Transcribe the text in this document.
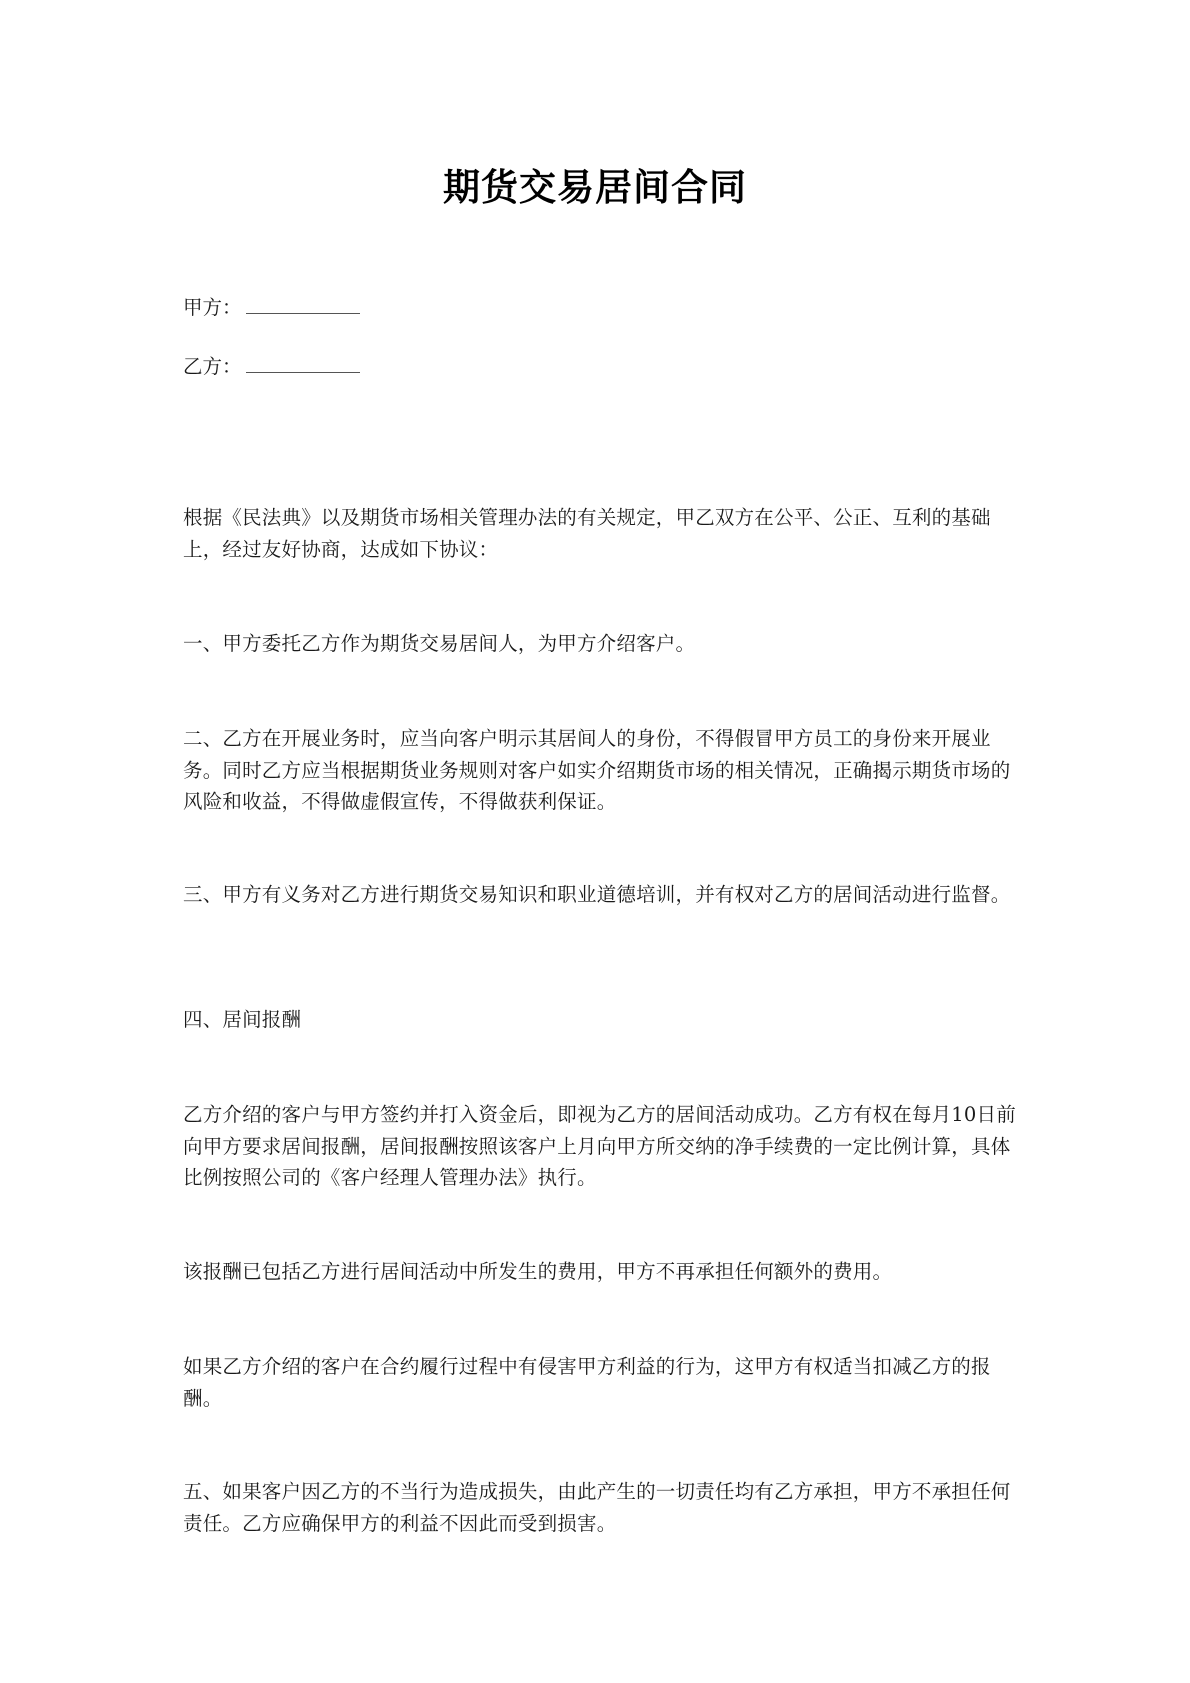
期货交易居间合同
甲方：
乙方：
根据《民法典》以及期货市场相关管理办法的有关规定，甲乙双方在公平、公正、互利的基础上，经过友好协商，达成如下协议：
一、甲方委托乙方作为期货交易居间人，为甲方介绍客户。
二、乙方在开展业务时，应当向客户明示其居间人的身份，不得假冒甲方员工的身份来开展业务。同时乙方应当根据期货业务规则对客户如实介绍期货市场的相关情况，正确揭示期货市场的风险和收益，不得做虚假宣传，不得做获利保证。
三、甲方有义务对乙方进行期货交易知识和职业道德培训，并有权对乙方的居间活动进行监督。
四、居间报酬
乙方介绍的客户与甲方签约并打入资金后，即视为乙方的居间活动成功。乙方有权在每月10日前向甲方要求居间报酬，居间报酬按照该客户上月向甲方所交纳的净手续费的一定比例计算，具体比例按照公司的《客户经理人管理办法》执行。
该报酬已包括乙方进行居间活动中所发生的费用，甲方不再承担任何额外的费用。
如果乙方介绍的客户在合约履行过程中有侵害甲方利益的行为，这甲方有权适当扣减乙方的报酬。
五、如果客户因乙方的不当行为造成损失，由此产生的一切责任均有乙方承担，甲方不承担任何责任。乙方应确保甲方的利益不因此而受到损害。
